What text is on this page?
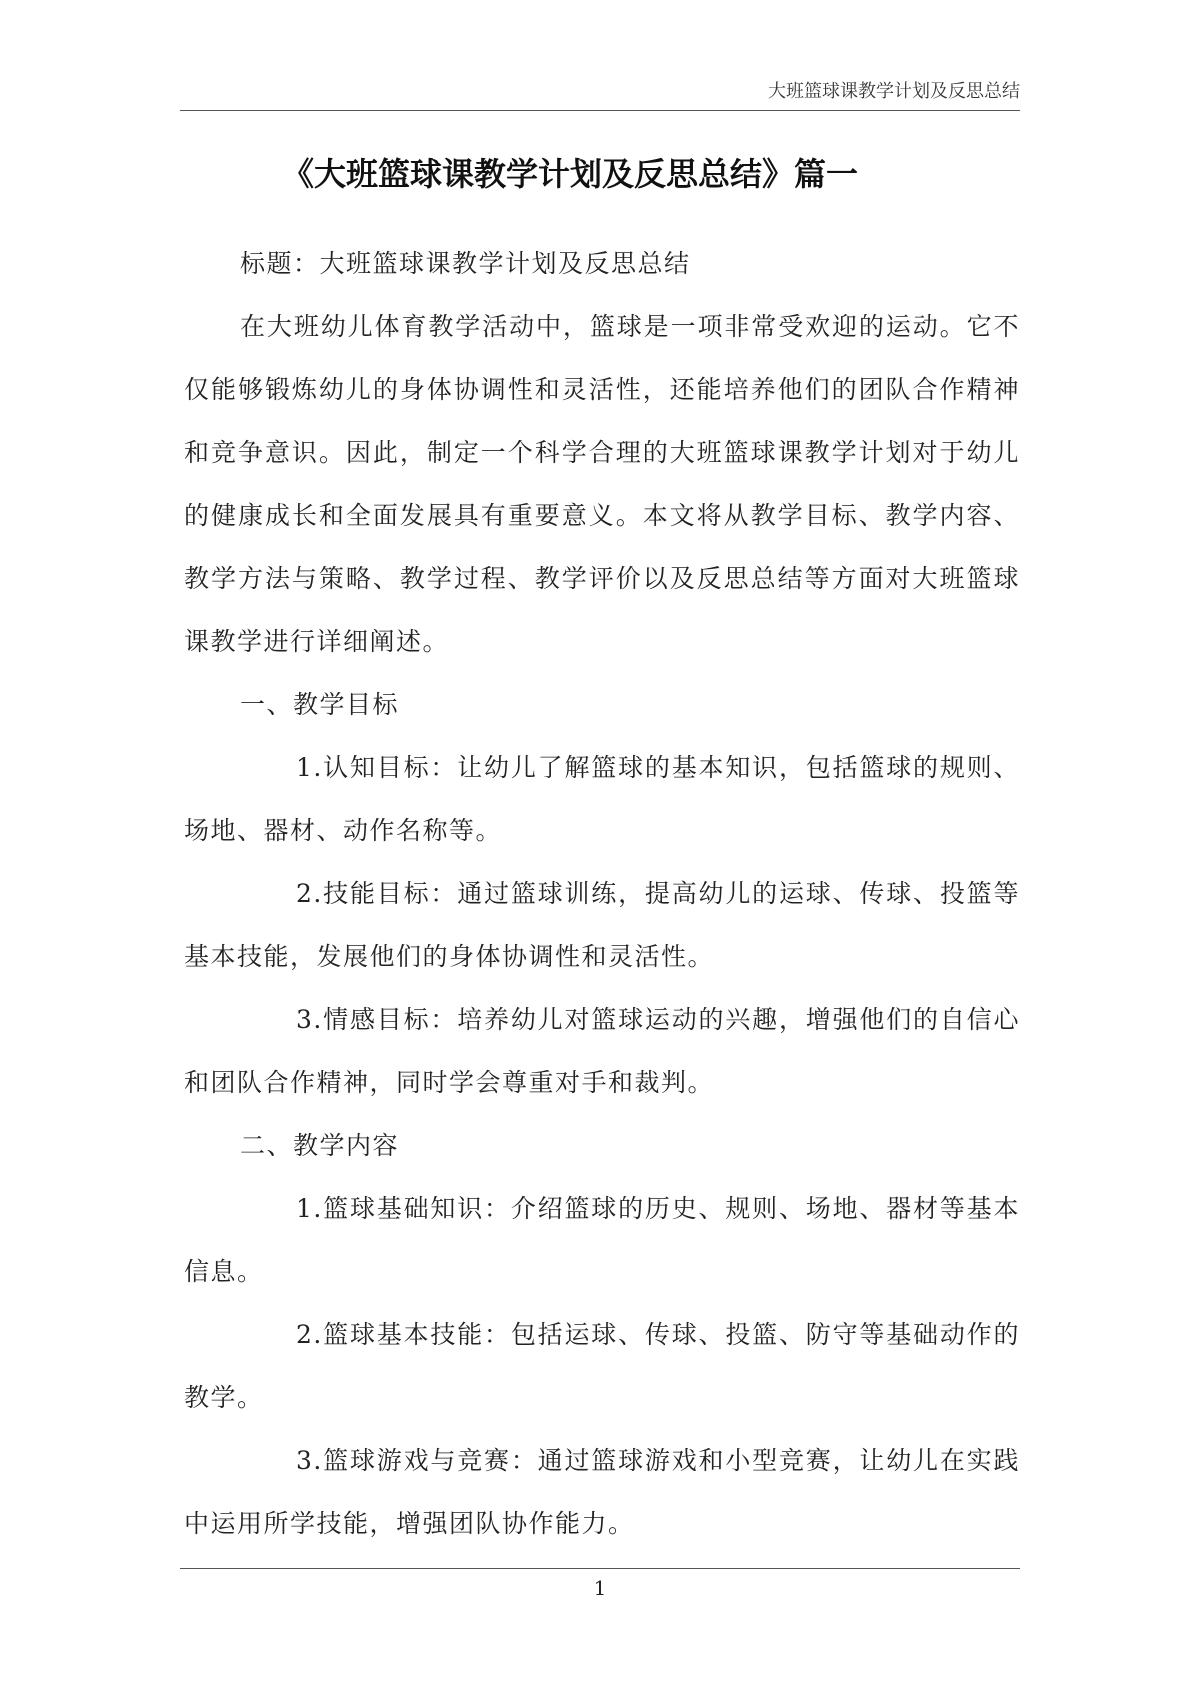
大班篮球课教学计划及反思总结
《大班篮球课教学计划及反思总结》篇一

标题：大班篮球课教学计划及反思总结

在大班幼儿体育教学活动中，篮球是一项非常受欢迎的运动。它不仅能够锻炼幼儿的身体协调性和灵活性，还能培养他们的团队合作精神和竞争意识。因此，制定一个科学合理的大班篮球课教学计划对于幼儿的健康成长和全面发展具有重要意义。本文将从教学目标、教学内容、教学方法与策略、教学过程、教学评价以及反思总结等方面对大班篮球课教学进行详细阐述。

一、教学目标

1.认知目标：让幼儿了解篮球的基本知识，包括篮球的规则、场地、器材、动作名称等。

2.技能目标：通过篮球训练，提高幼儿的运球、传球、投篮等基本技能，发展他们的身体协调性和灵活性。

3.情感目标：培养幼儿对篮球运动的兴趣，增强他们的自信心和团队合作精神，同时学会尊重对手和裁判。

二、教学内容

1.篮球基础知识：介绍篮球的历史、规则、场地、器材等基本信息。

2.篮球基本技能：包括运球、传球、投篮、防守等基础动作的教学。

3.篮球游戏与竞赛：通过篮球游戏和小型竞赛，让幼儿在实践中运用所学技能，增强团队协作能力。

1
